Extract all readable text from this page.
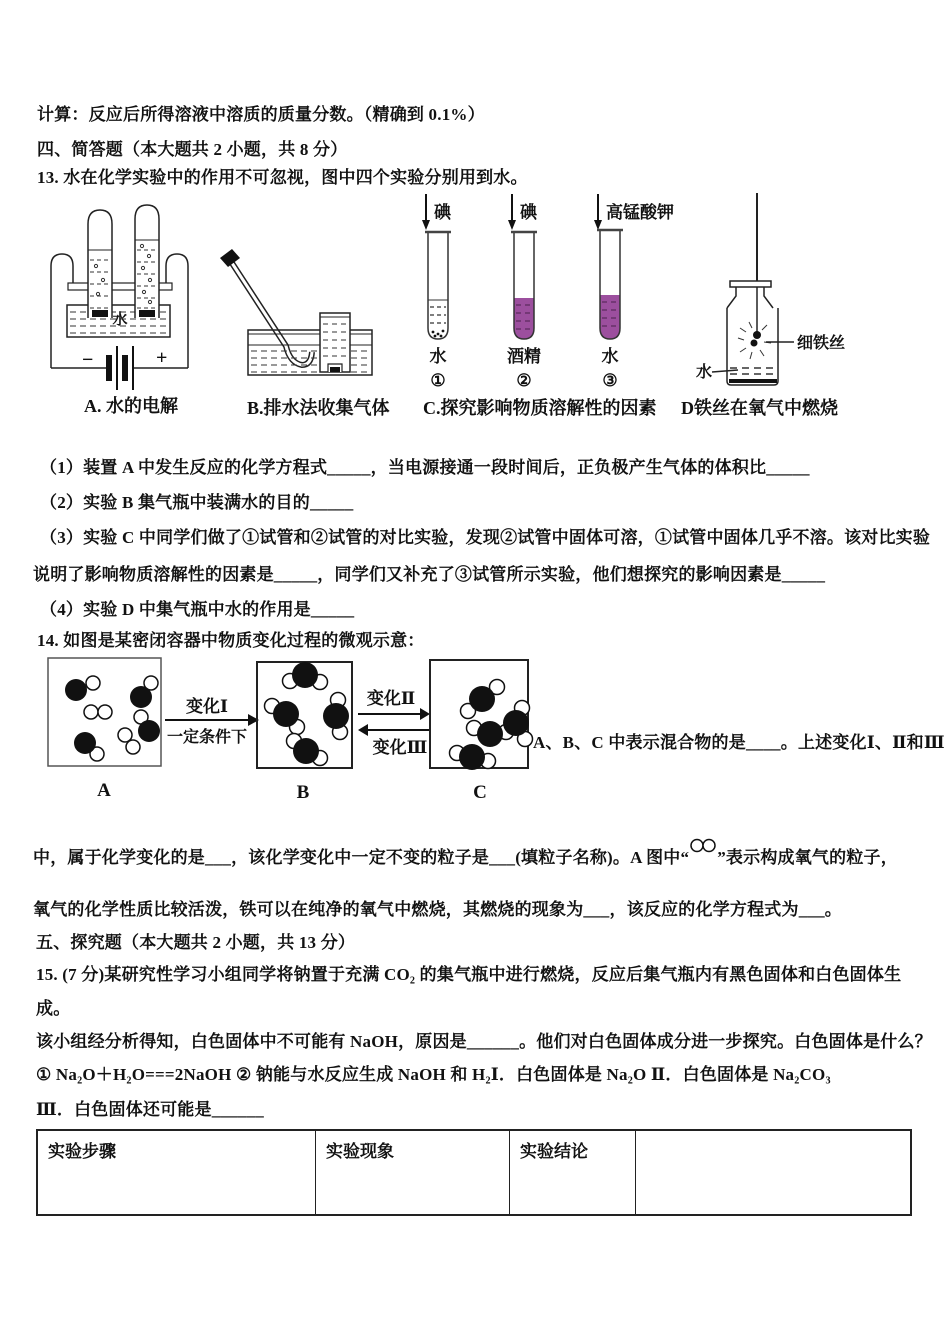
计算：反应后所得溶液中溶质的质量分数。（精确到 0.1%）
四、简答题（本大题共 2 小题，共 8 分）
13. 水在化学实验中的作用不可忽视，图中四个实验分别用到水。
−	+
水
A. 水的电解	B.排水法收集气体
碘	碘	高锰酸钾
水	酒精	水
①	②	③
C.探究影响物质溶解性的因素
细铁丝
水
D铁丝在氧气中燃烧
（1）装置 A 中发生反应的化学方程式_____，当电源接通一段时间后，正负极产生气体的体积比_____
（2）实验 B 集气瓶中装满水的目的_____
（3）实验 C 中同学们做了①试管和②试管的对比实验，发现②试管中固体可溶，①试管中固体几乎不溶。该对比实验
说明了影响物质溶解性的因素是_____，同学们又补充了③试管所示实验，他们想探究的影响因素是_____
（4）实验 D 中集气瓶中水的作用是_____
14. 如图是某密闭容器中物质变化过程的微观示意：
A
变化Ⅰ
一定条件下
B
变化Ⅱ
变化Ⅲ
C
A、B、C 中表示混合物的是____。上述变化Ⅰ、Ⅱ和Ⅲ
中，属于化学变化的是___，该化学变化中一定不变的粒子是___(填粒子名称)。A 图中“ ”表示构成氧气的粒子，
氧气的化学性质比较活泼，铁可以在纯净的氧气中燃烧，其燃烧的现象为___，该反应的化学方程式为___。
五、探究题（本大题共 2 小题，共 13 分）
15. (7 分)某研究性学习小组同学将钠置于充满 CO₂ 的集气瓶中进行燃烧，反应后集气瓶内有黑色固体和白色固体生
成。
该小组经分析得知，白色固体中不可能有 NaOH，原因是______。他们对白色固体成分进一步探究。白色固体是什么？
① Na₂O＋H₂O===2NaOH ② 钠能与水反应生成 NaOH 和 H₂Ⅰ．白色固体是 Na₂O Ⅱ．白色固体是 Na₂CO₃
Ⅲ．白色固体还可能是______
实验步骤	实验现象	实验结论
